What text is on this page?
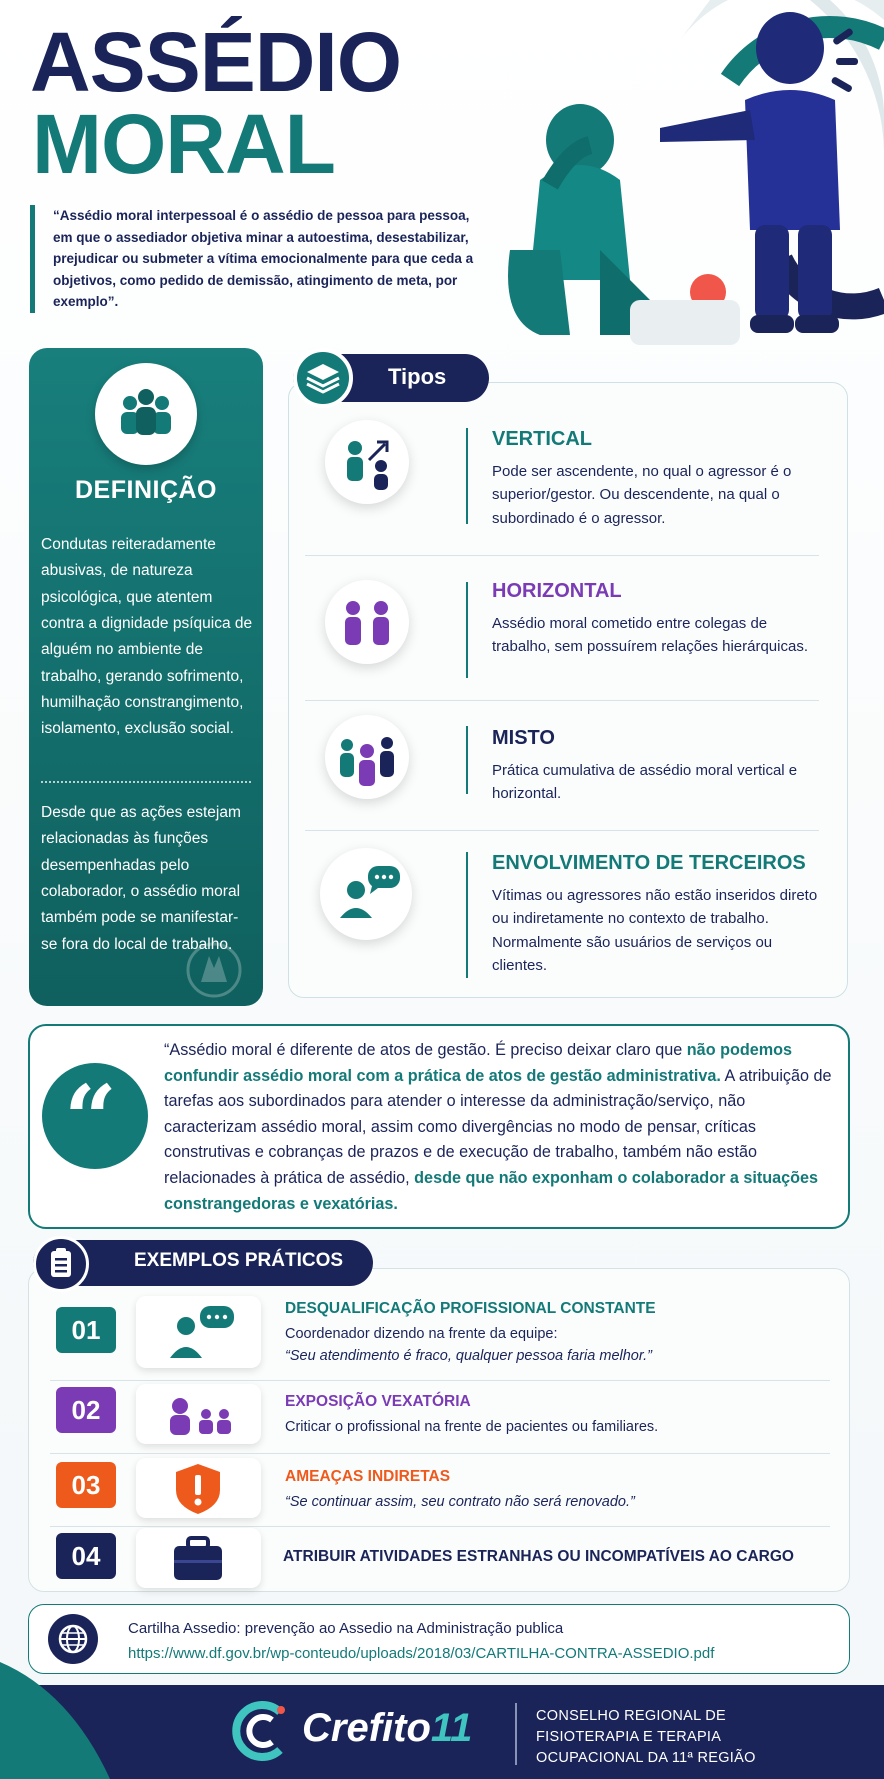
ASSÉDIO
MORAL
“Assédio moral interpessoal é o assédio de pessoa para pessoa, em que o assediador objetiva minar a autoestima, desestabilizar, prejudicar ou submeter a vítima emocionalmente para que ceda a objetivos, como pedido de demissão, atingimento de meta, por exemplo”.
DEFINIÇÃO
Condutas reiteradamente abusivas, de natureza psicológica, que atentem contra a dignidade psíquica de alguém no ambiente de trabalho, gerando sofrimento, humilhação constrangimento, isolamento, exclusão social.
Desde que as ações estejam relacionadas às funções desempenhadas pelo colaborador, o assédio moral também pode se manifestar-se fora do local de trabalho.
Tipos
VERTICAL
Pode ser ascendente, no qual o agressor é o superior/gestor. Ou descendente, na qual o subordinado é o agressor.
HORIZONTAL
Assédio moral cometido entre colegas de trabalho, sem possuírem relações hierárquicas.
MISTO
Prática cumulativa de assédio moral vertical e horizontal.
ENVOLVIMENTO DE TERCEIROS
Vítimas ou agressores não estão inseridos direto ou indiretamente no contexto de trabalho. Normalmente são usuários de serviços ou clientes.
“
“Assédio moral é diferente de atos de gestão. É preciso deixar claro que não podemos confundir assédio moral com a prática de atos de gestão administrativa. A atribuição de tarefas aos subordinados para atender o interesse da administração/serviço, não caracterizam assédio moral, assim como divergências no modo de pensar, críticas construtivas e cobranças de prazos e de execução de trabalho, também não estão relacionades à prática de assédio, desde que não exponham o colaborador a situações constrangedoras e vexatórias.
EXEMPLOS PRÁTICOS
01
DESQUALIFICAÇÃO PROFISSIONAL CONSTANTE
Coordenador dizendo na frente da equipe:
“Seu atendimento é fraco, qualquer pessoa faria melhor.”
02	EXPOSIÇÃO VEXATÓRIA
Criticar o profissional na frente de pacientes ou familiares.
03	AMEAÇAS INDIRETAS
“Se continuar assim, seu contrato não será renovado.”
04	ATRIBUIR ATIVIDADES ESTRANHAS OU INCOMPATÍVEIS AO CARGO
Cartilha Assedio: prevenção ao Assedio na Administração publica
https://www.df.gov.br/wp-conteudo/uploads/2018/03/CARTILHA-CONTRA-ASSEDIO.pdf
Crefito11	CONSELHO REGIONAL DE FISIOTERAPIA E TERAPIA OCUPACIONAL DA 11ª REGIÃO
